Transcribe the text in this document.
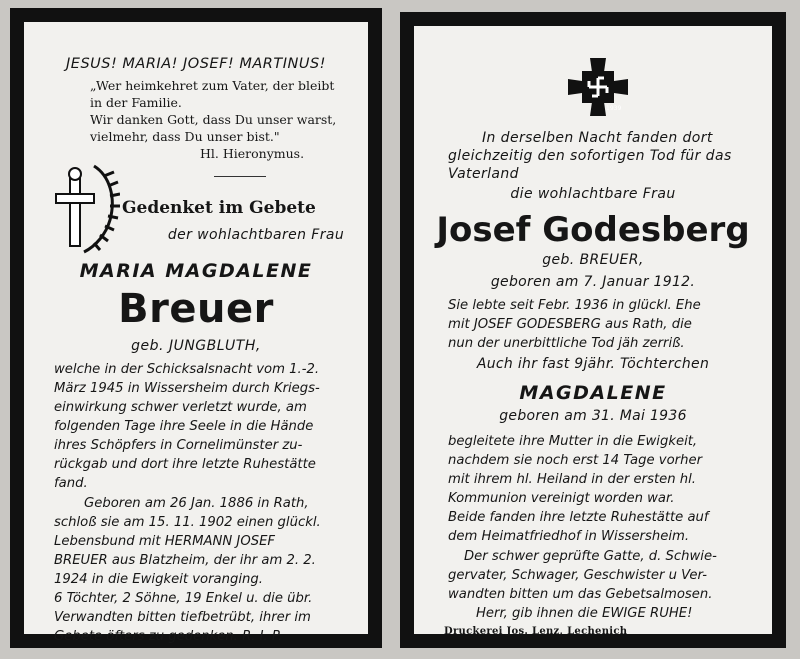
JESUS! MARIA! JOSEF! MARTINUS!
„Wer heimkehret zum Vater, der bleibt
in der Familie.
Wir danken Gott, dass Du unser warst,
vielmehr, dass Du unser bist."
Hl. Hieronymus.
Gedenket im Gebete
der wohlachtbaren Frau
MARIA MAGDALENE
Breuer
geb. JUNGBLUTH,
welche in der Schicksalsnacht vom 1.-2.
März 1945 in Wissersheim durch Kriegs-
einwirkung schwer verletzt wurde, am
folgenden Tage ihre Seele in die Hände
ihres Schöpfers in Cornelimünster zu-
rückgab und dort ihre letzte Ruhestätte
fand.
Geboren am 26 Jan. 1886 in Rath,
schloß sie am 15. 11. 1902 einen glückl.
Lebensbund mit HERMANN JOSEF
BREUER aus Blatzheim, der ihr am 2. 2.
1924 in die Ewigkeit voranging.
6 Töchter, 2 Söhne, 19 Enkel u. die übr.
Verwandten bitten tiefbetrübt, ihrer im
Gebete öfters zu gedenken. R. I. P.
1939
In derselben Nacht fanden dort
gleichzeitig den sofortigen Tod für das
Vaterland
die wohlachtbare Frau
Josef Godesberg
geb. BREUER,
geboren am 7. Januar 1912.
Sie lebte seit Febr. 1936 in glückl. Ehe
mit JOSEF GODESBERG aus Rath, die
nun der unerbittliche Tod jäh zerriß.
Auch ihr fast 9jähr. Töchterchen
MAGDALENE
geboren am 31. Mai 1936
begleitete ihre Mutter in die Ewigkeit,
nachdem sie noch erst 14 Tage vorher
mit ihrem hl. Heiland in der ersten hl.
Kommunion vereinigt worden war.
Beide fanden ihre letzte Ruhestätte auf
dem Heimatfriedhof in Wissersheim.
Der schwer geprüfte Gatte, d. Schwie-
gervater, Schwager, Geschwister u Ver-
wandten bitten um das Gebetsalmosen.
Herr, gib ihnen die EWIGE RUHE!
Druckerei Jos. Lenz, Lechenich
